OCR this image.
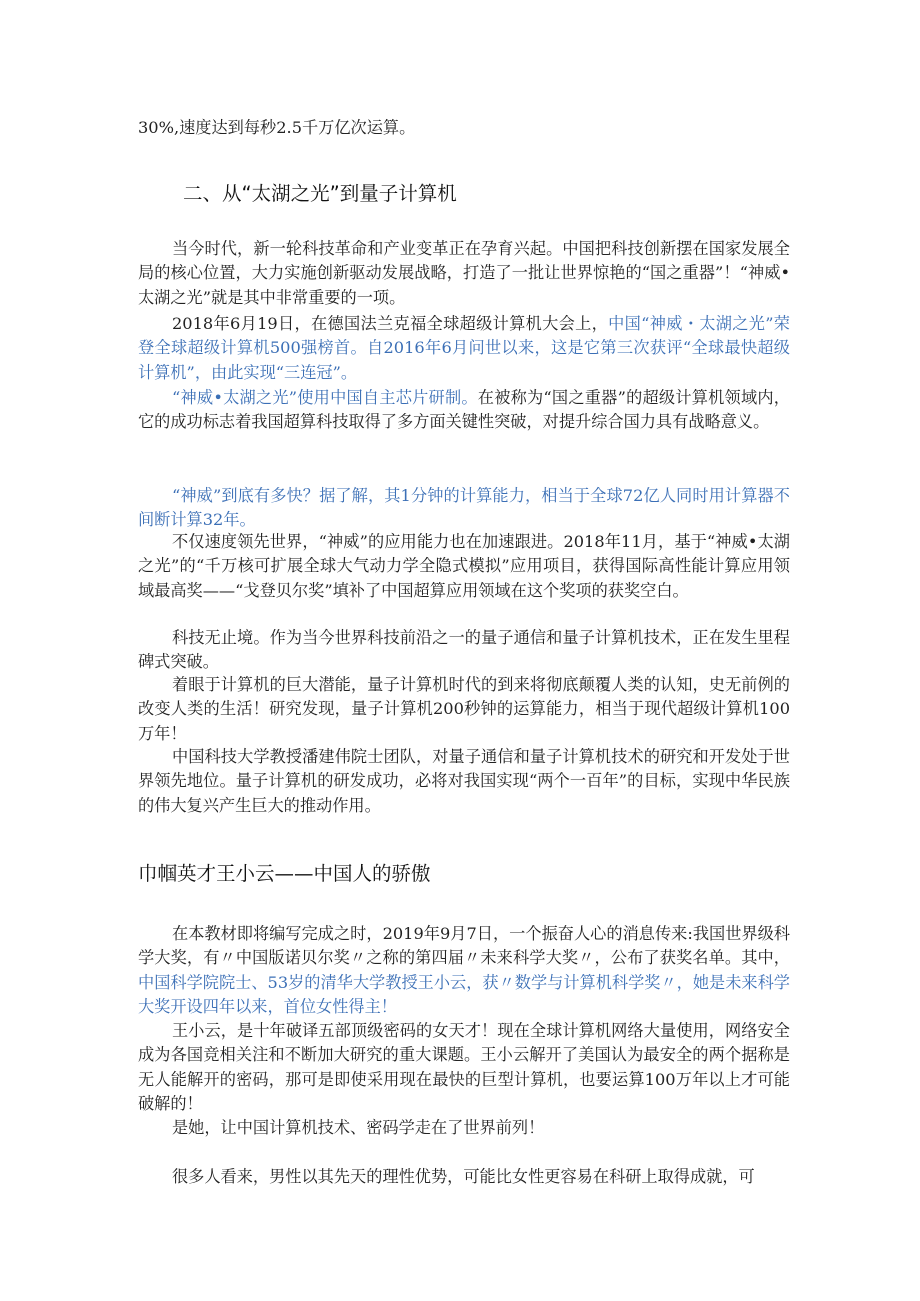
30%,速度达到每秒2.5千万亿次运算。

二、从“太湖之光”到量子计算机

当今时代，新一轮科技革命和产业变革正在孕育兴起。中国把科技创新摆在国家发展全局的核心位置，大力实施创新驱动发展战略，打造了一批让世界惊艳的“国之重器”！“神威•太湖之光”就是其中非常重要的一项。

2018年6月19日，在德国法兰克福全球超级计算机大会上，中国“神威・太湖之光”荣登全球超级计算机500强榜首。自2016年6月问世以来，这是它第三次获评“全球最快超级计算机”，由此实现“三连冠”。

“神威•太湖之光”使用中国自主芯片研制。在被称为“国之重器”的超级计算机领域内，它的成功标志着我国超算科技取得了多方面关键性突破，对提升综合国力具有战略意义。

“神威”到底有多快？据了解，其1分钟的计算能力，相当于全球72亿人同时用计算器不间断计算32年。

不仅速度领先世界，“神威”的应用能力也在加速跟进。2018年11月，基于“神威•太湖之光”的“千万核可扩展全球大气动力学全隐式模拟”应用项目，获得国际高性能计算应用领域最高奖——“戈登贝尔奖”填补了中国超算应用领域在这个奖项的获奖空白。

科技无止境。作为当今世界科技前沿之一的量子通信和量子计算机技术，正在发生里程碑式突破。

着眼于计算机的巨大潜能，量子计算机时代的到来将彻底颠覆人类的认知，史无前例的改变人类的生活！研究发现，量子计算机200秒钟的运算能力，相当于现代超级计算机100万年！

中国科技大学教授潘建伟院士团队，对量子通信和量子计算机技术的研究和开发处于世界领先地位。量子计算机的研发成功，必将对我国实现“两个一百年”的目标，实现中华民族的伟大复兴产生巨大的推动作用。

巾帼英才王小云——中国人的骄傲

在本教材即将编写完成之时，2019年9月7日，一个振奋人心的消息传来:我国世界级科学大奖，有〃中国版诺贝尔奖〃之称的第四届〃未来科学大奖〃，公布了获奖名单。其中，中国科学院院士、53岁的清华大学教授王小云，获〃数学与计算机科学奖〃，她是未来科学大奖开设四年以来，首位女性得主！

王小云，是十年破译五部顶级密码的女天才！现在全球计算机网络大量使用，网络安全成为各国竞相关注和不断加大研究的重大课题。王小云解开了美国认为最安全的两个据称是无人能解开的密码，那可是即使采用现在最快的巨型计算机，也要运算100万年以上才可能破解的！

是她，让中国计算机技术、密码学走在了世界前列！

很多人看来，男性以其先天的理性优势，可能比女性更容易在科研上取得成就，可
